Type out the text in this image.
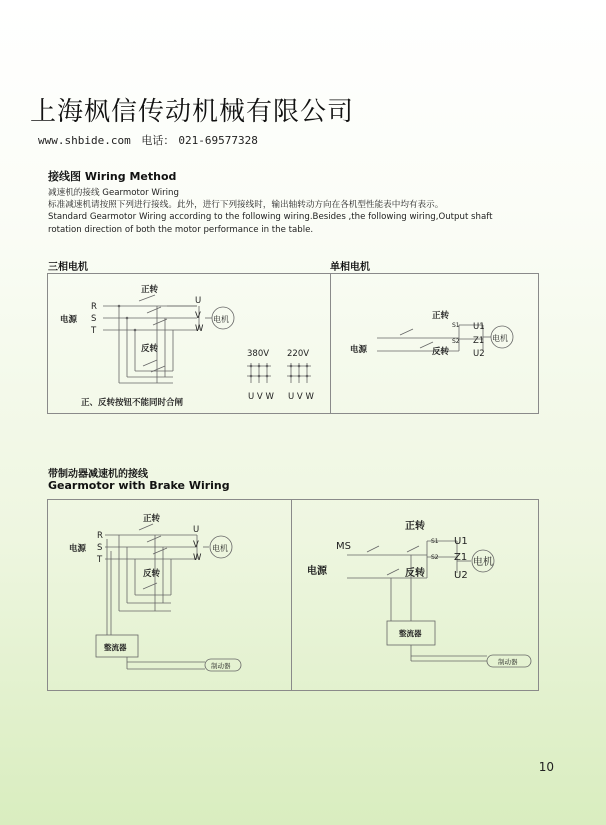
上海枫信传动机械有限公司
www.shbide.com 电话： 021-69577328
接线图 Wiring Method
减速机的接线 Gearmotor Wiring
标准减速机请按照下列进行接线。此外，进行下列接线时，输出轴转动方向在各机型性能表中均有表示。
Standard Gearmotor Wiring according to the following wiring.Besides ,the following wiring,Output shaft
rotation direction of both the motor performance in the table.
三相电机	单相电机
正转
反转
电源
R
S
T
U
V
W
电机
正、反转按钮不能同时合闸
380V 220V
U V W U V W
正转
反转
电源
S1
S2
U1
Z1
U2
电机
带制动器减速机的接线
Gearmotor with Brake Wiring
正转
反转
电源
R
S
T
U
V
W
电机
整流器
制动器
MS
正转
反转
电源
S1
S2
U1
Z1
U2
电机
整流器
制动器
10
